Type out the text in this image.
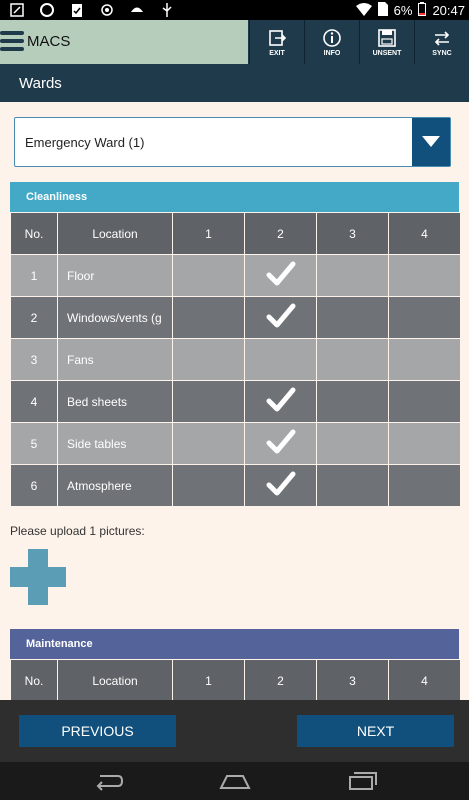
6% 20:47
MACS
EXIT	INFO	UNSENT	SYNC
Wards
Emergency Ward (1)
Cleanliness
No.	Location	1	2	3	4
1	Floor				
2	Windows/vents (g				
3	Fans				
4	Bed sheets				
5	Side tables				
6	Atmosphere				
Please upload 1 pictures:
Maintenance
No.	Location	1	2	3	4
PREVIOUS	NEXT
